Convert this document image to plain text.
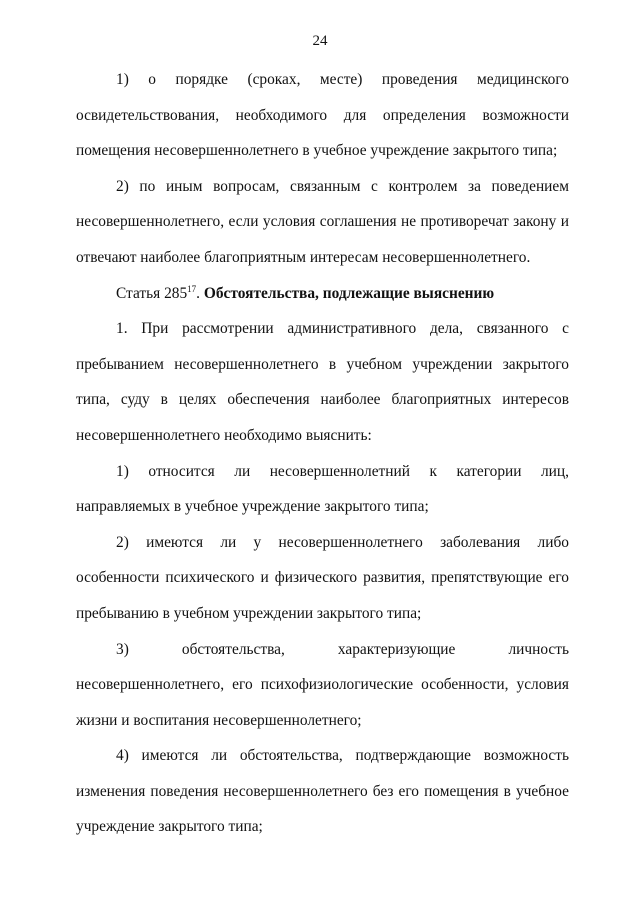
24

1) о порядке (сроках, месте) проведения медицинского освидетельствования, необходимого для определения возможности помещения несовершеннолетнего в учебное учреждение закрытого типа;

2) по иным вопросам, связанным с контролем за поведением несовершеннолетнего, если условия соглашения не противоречат закону и отвечают наиболее благоприятным интересам несовершеннолетнего.

Статья $285^{17}$. Обстоятельства, подлежащие выяснению

1. При рассмотрении административного дела, связанного с пребыванием несовершеннолетнего в учебном учреждении закрытого типа, суду в целях обеспечения наиболее благоприятных интересов несовершеннолетнего необходимо выяснить:

1) относится ли несовершеннолетний к категории лиц, направляемых в учебное учреждение закрытого типа;

2) имеются ли у несовершеннолетнего заболевания либо особенности психического и физического развития, препятствующие его пребыванию в учебном учреждении закрытого типа;

3) обстоятельства, характеризующие личность несовершеннолетнего, его психофизиологические особенности, условия жизни и воспитания несовершеннолетнего;

4) имеются ли обстоятельства, подтверждающие возможность изменения поведения несовершеннолетнего без его помещения в учебное учреждение закрытого типа;
